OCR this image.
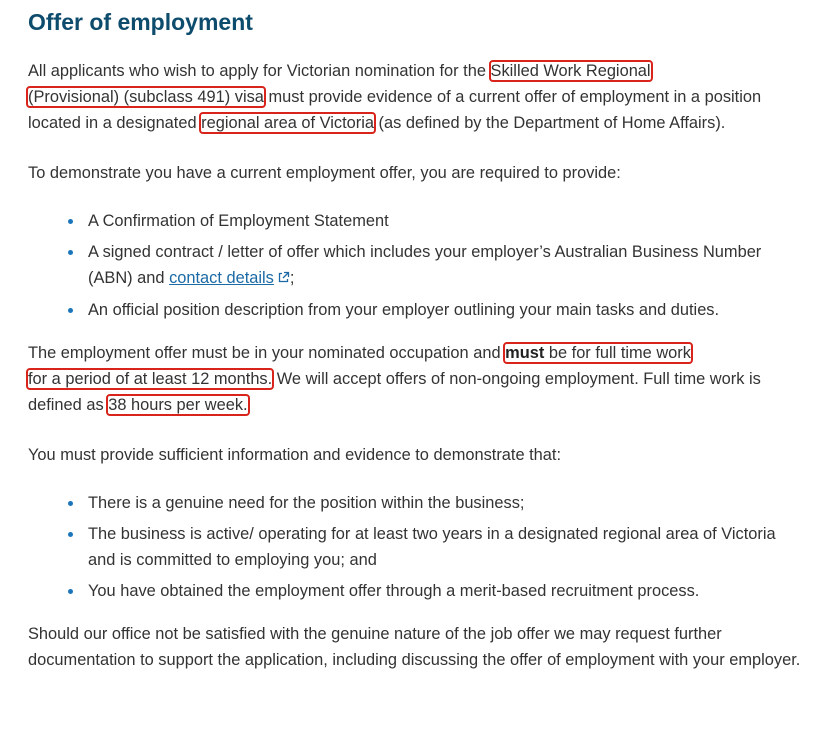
Offer of employment

All applicants who wish to apply for Victorian nomination for the Skilled Work Regional
(Provisional) (subclass 491) visa must provide evidence of a current offer of employment in a position located in a designated regional area of Victoria (as defined by the Department of Home Affairs).

To demonstrate you have a current employment offer, you are required to provide:

A Confirmation of Employment Statement
A signed contract / letter of offer which includes your employer’s Australian Business Number (ABN) and contact details ;
An official position description from your employer outlining your main tasks and duties.

The employment offer must be in your nominated occupation and must be for full time work
for a period of at least 12 months. We will accept offers of non-ongoing employment. Full time work is defined as 38 hours per week.

You must provide sufficient information and evidence to demonstrate that:

There is a genuine need for the position within the business;
The business is active/ operating for at least two years in a designated regional area of Victoria and is committed to employing you; and
You have obtained the employment offer through a merit-based recruitment process.

Should our office not be satisfied with the genuine nature of the job offer we may request further documentation to support the application, including discussing the offer of employment with your employer.
